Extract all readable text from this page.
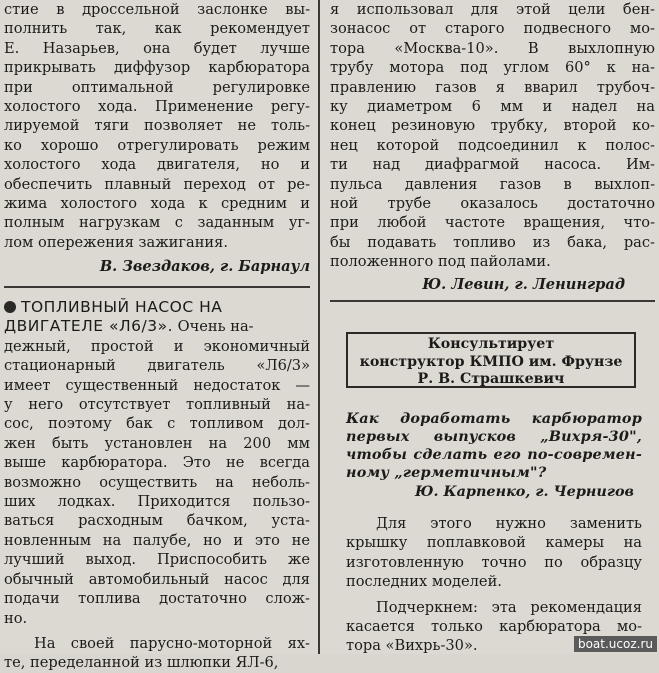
стие в дроссельной заслонке вы-
полнить так, как рекомендует
Е. Назарьев, она будет лучше
прикрывать диффузор карбюратора
при оптимальной регулировке
холостого хода. Применение регу-
лируемой тяги позволяет не толь-
ко хорошо отрегулировать режим
холостого хода двигателя, но и
обеспечить плавный переход от ре-
жима холостого хода к средним и
полным нагрузкам с заданным уг-
лом опережения зажигания.

В. Звездаков, г. Барнаул

ТОПЛИВНЫЙ НАСОС НА

ДВИГАТЕЛЕ «Л6/3». Очень на-

дежный, простой и экономичный
стационарный двигатель «Л6/3»
имеет существенный недостаток —
у него отсутствует топливный на-
сос, поэтому бак с топливом дол-
жен быть установлен на 200 мм
выше карбюратора. Это не всегда
возможно осуществить на неболь-
ших лодках. Приходится пользо-
ваться расходным бачком, уста-
новленным на палубе, но и это не
лучший выход. Приспособить же
обычный автомобильный насос для
подачи топлива достаточно слож-
но.
На своей парусно-моторной ях-
те, переделанной из шлюпки ЯЛ-6,
я использовал для этой цели бен-
зонасос от старого подвесного мо-
тора «Москва-10». В выхлопную
трубу мотора под углом 60° к на-
правлению газов я вварил трубоч-
ку диаметром 6 мм и надел на
конец резиновую трубку, второй ко-
нец которой подсоединил к полос-
ти над диафрагмой насоса. Им-
пульса давления газов в выхлоп-
ной трубе оказалось достаточно
при любой частоте вращения, что-
бы подавать топливо из бака, рас-
положенного под пайолами.

Ю. Левин, г. Ленинград

Консультирует
конструктор КМПО им. Фрунзе
Р. В. Страшкевич
Как доработать карбюратор
первых выпусков „Вихря-30",
чтобы сделать его по-современ-
ному „герметичным"?

Ю. Карпенко, г. Чернигов

Для этого нужно заменить
крышку поплавковой камеры на
изготовленную точно по образцу
последних моделей.
Подчеркнем: эта рекомендация
касается только карбюратора мо-
тора «Вихрь-30».	boat.ucoz.ru
